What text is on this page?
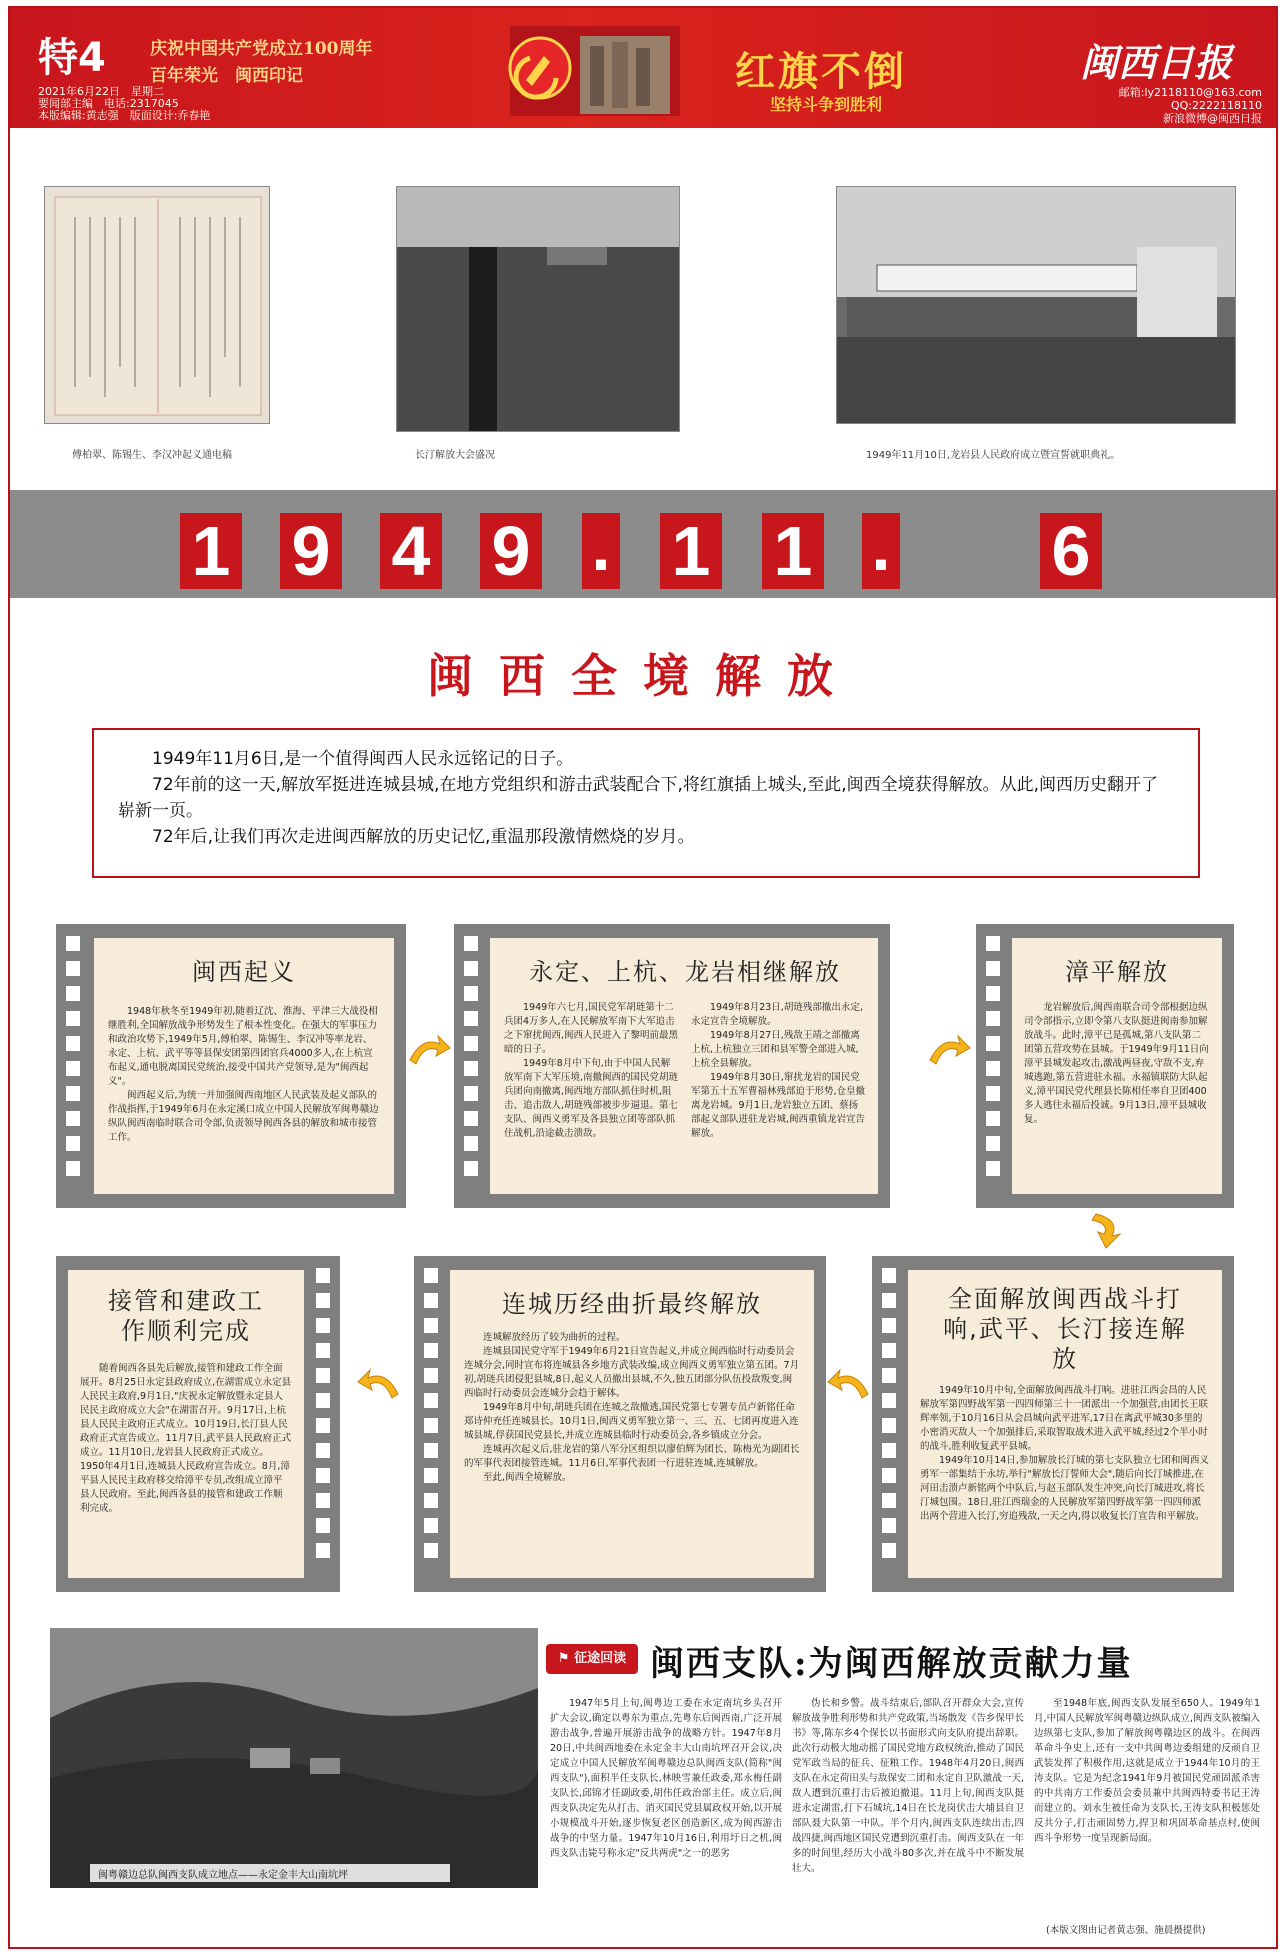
特4	庆祝中国共产党成立100周年
百年荣光　闽西印记
2021年6月22日　星期二
要闻部主编　电话:2317045
本版编辑:黄志强　版面设计:乔春艳
红旗不倒
坚持斗争到胜利
闽西日报
邮箱:ly2118110@163.com
QQ:2222118110
新浪微博@闽西日报
傅柏翠、陈锡生、李汉冲起义通电稿	长汀解放大会盛况	1949年11月10日,龙岩县人民政府成立暨宣誓就职典礼。
1 9 4 9 . 1 1 . 6
闽西全境解放

1949年11月6日,是一个值得闽西人民永远铭记的日子。

72年前的这一天,解放军挺进连城县城,在地方党组织和游击武装配合下,将红旗插上城头,至此,闽西全境获得解放。从此,闽西历史翻开了崭新一页。

72年后,让我们再次走进闽西解放的历史记忆,重温那段激情燃烧的岁月。

闽西起义
1948年秋冬至1949年初,随着辽沈、淮海、平津三大战役相继胜利,全国解放战争形势发生了根本性变化。在强大的军事压力和政治攻势下,1949年5月,傅柏翠、陈锡生、李汉冲等率龙岩、永定、上杭、武平等等县保安团第四团官兵4000多人,在上杭宣布起义,通电脱离国民党统治,接受中国共产党领导,是为"闽西起义"。
闽西起义后,为统一并加强闽西南地区人民武装及起义部队的作战指挥,于1949年6月在永定溪口成立中国人民解放军闽粤赣边纵队闽西南临时联合司令部,负责领导闽西各县的解放和城市接管工作。
永定、上杭、龙岩相继解放
1949年六七月,国民党军胡琏第十二兵团4万多人,在人民解放军南下大军追击之下窜扰闽西,闽西人民进入了黎明前最黑暗的日子。
1949年8月中下旬,由于中国人民解放军南下大军压境,南撤闽西的国民党胡琏兵团向南撤离,闽西地方部队抓住时机,阻击、追击敌人,胡琏残部被步步逼退。第七支队、闽西义勇军及各县独立团等部队抓住战机,沿途截击溃敌。
1949年8月23日,胡琏残部撤出永定,永定宣告全境解放。
1949年8月27日,残敌王靖之部撤离上杭,上杭独立三团和县军警全部进入城,上杭全县解放。
1949年8月30日,窜扰龙岩的国民党军第五十五军曹福林残部迫于形势,仓皇撤离龙岩城。9月1日,龙岩独立五团、蔡扬部起义部队进驻龙岩城,闽西重镇龙岩宣告解放。
漳平解放
龙岩解放后,闽西南联合司令部根据边纵司令部指示,立即令第八支队挺进闽南参加解放战斗。此时,漳平已是孤城,第八支队第二团第五营攻势在县城。于1949年9月11日向漳平县城发起攻击,激战两昼夜,守敌不支,弃城逃跑,第五营进驻永福。永福镇联防大队起义,漳平国民党代理县长陈相任率自卫团400多人逃往永福后投诚。9月13日,漳平县城收复。
接管和建政工作顺利完成
随着闽西各县先后解放,接管和建政工作全面展开。8月25日永定县政府成立,在湖雷成立永定县人民民主政府,9月1日,"庆祝永定解放暨永定县人民民主政府成立大会"在湖雷召开。9月17日,上杭县人民民主政府正式成立。10月19日,长汀县人民政府正式宣告成立。11月7日,武平县人民政府正式成立。11月10日,龙岩县人民政府正式成立。1950年4月1日,连城县人民政府宣告成立。8月,漳平县人民民主政府移交给漳平专员,改组成立漳平县人民政府。至此,闽西各县的接管和建政工作顺利完成。
连城历经曲折最终解放
连城解放经历了较为曲折的过程。
连城县国民党守军于1949年6月21日宣告起义,并成立闽西临时行动委员会连城分会,同时宣布将连城县各乡地方武装改编,成立闽西义勇军独立第五团。7月初,胡琏兵团侵犯县城,8日,起义人员撤出县城,不久,独五团部分队伍投敌叛变,闽西临时行动委员会连城分会趋于解体。
1949年8月中旬,胡琏兵团在连城之敌撤逃,国民党第七专署专员卢新铭任命郑诗仲充任连城县长。10月1日,闽西义勇军独立第一、三、五、七团再度进入连城县城,俘获国民党县长,并成立连城县临时行动委员会,各乡镇成立分会。
连城再次起义后,驻龙岩的第八军分区组织以廖伯辉为团长、陈梅光为副团长的军事代表团接管连城。11月6日,军事代表团一行进驻连城,连城解放。
至此,闽西全境解放。
全面解放闽西战斗打响,武平、长汀接连解放
1949年10月中旬,全面解放闽西战斗打响。进驻江西会昌的人民解放军第四野战军第一四四师第三十一团派出一个加强营,由团长王联辉率领,于10月16日从会昌城向武平进军,17日在离武平城30多里的小密消灭敌人一个加强排后,采取智取战术进入武平城,经过2个半小时的战斗,胜利收复武平县城。
1949年10月14日,参加解放长汀城的第七支队独立七团和闽西义勇军一部集结于永坊,举行"解放长汀誓师大会",随后向长汀城推进,在河田击溃卢新铭两个中队后,与赵玉部队发生冲突,向长汀城进攻,将长汀城包围。18日,驻江西瑞金的人民解放军第四野战军第一四四师派出两个营进入长汀,穷追残敌,一天之内,得以收复长汀宣告和平解放。
闽粤赣边总队闽西支队成立地点——永定金丰大山南坑坪
⚑ 征途回读 闽西支队:为闽西解放贡献力量
1947年5月上旬,闽粤边工委在永定南坑乡头召开扩大会议,确定以粤东为重点,先粤东后闽西南,广泛开展游击战争,普遍开展游击战争的战略方针。1947年8月20日,中共闽西地委在永定金丰大山南坑坪召开会议,决定成立中国人民解放军闽粤赣边总队闽西支队(简称"闽西支队"),面积半任支队长,林映雪兼任政委,郑永梅任副支队长,邱锦才任副政委,胡伟任政治部主任。成立后,闽西支队决定先从打击、消灭国民党县属政权开始,以开展小规模战斗开始,逐步恢复老区创造新区,成为闽西游击战争的中坚力量。1947年10月16日,利用圩日之机,闽西支队击毙号称永定"反共两虎"之一的恶劣
伪长和乡警。战斗结束后,部队召开群众大会,宣传解放战争胜利形势和共产党政策,当场散发《告乡保甲长书》等,陈东乡4个保长以书面形式向支队府提出辞职。此次行动极大地动摇了国民党地方政权统治,推动了国民党军政当局的征兵、征粮工作。1948年4月20日,闽西支队在永定荷田头与敌保安二团和永定自卫队激战一天,敌人遭到沉重打击后被迫撤退。11月上旬,闽西支队挺进永定湖雷,打下石城坑,14日在长龙岗伏击大埔县自卫部队聂大队第一中队。半个月内,闽西支队连续出击,四战四捷,闽西地区国民党遭到沉重打击。闽西支队在一年多的时间里,经历大小战斗80多次,并在战斗中不断发展壮大。
至1948年底,闽西支队发展至650人。1949年1月,中国人民解放军闽粤赣边纵队成立,闽西支队被编入边纵第七支队,参加了解放闽粤赣边区的战斗。在闽西革命斗争史上,还有一支中共闽粤边委组建的反顽自卫武装发挥了积极作用,这就是成立于1944年10月的王涛支队。它是为纪念1941年9月被国民党顽固派杀害的中共南方工作委员会委员兼中共闽西特委书记王涛而建立的。刘永生被任命为支队长,王涛支队积极惩处反共分子,打击顽固势力,捍卫和巩固革命基点村,使闽西斗争形势一度呈现新局面。
(本版文图由记者黄志强、施晨摄提供)
